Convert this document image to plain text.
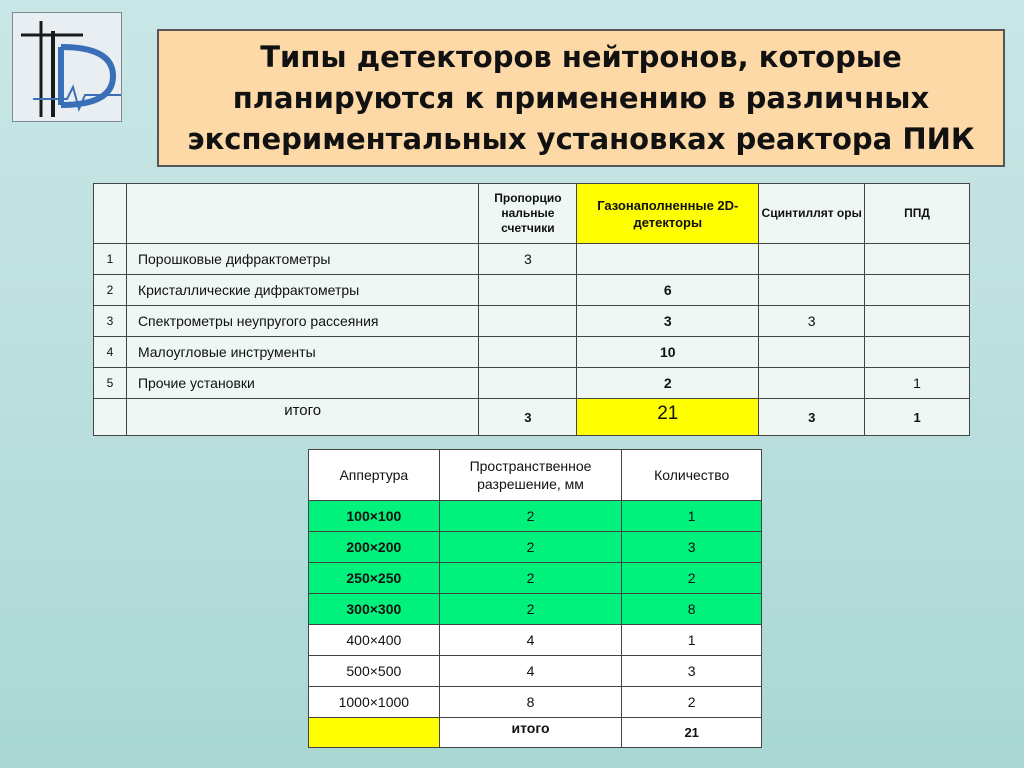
Типы детекторов нейтронов, которые планируются к применению в различных экспериментальных установках реактора ПИК
		Пропорцио нальные счетчики	Газонаполненные 2D-детекторы	Сцинтиллят оры	ППД
1	Порошковые дифрактометры	3			
2	Кристаллические дифрактометры		6		
3	Спектрометры неупругого рассеяния		3	3	
4	Малоугловые инструменты		10		
5	Прочие установки		2		1
	итого	3	21	3	1
Аппертура	Пространственное разрешение, мм	Количество
100×100	2	1
200×200	2	3
250×250	2	2
300×300	2	8
400×400	4	1
500×500	4	3
1000×1000	8	2
	итого	21
